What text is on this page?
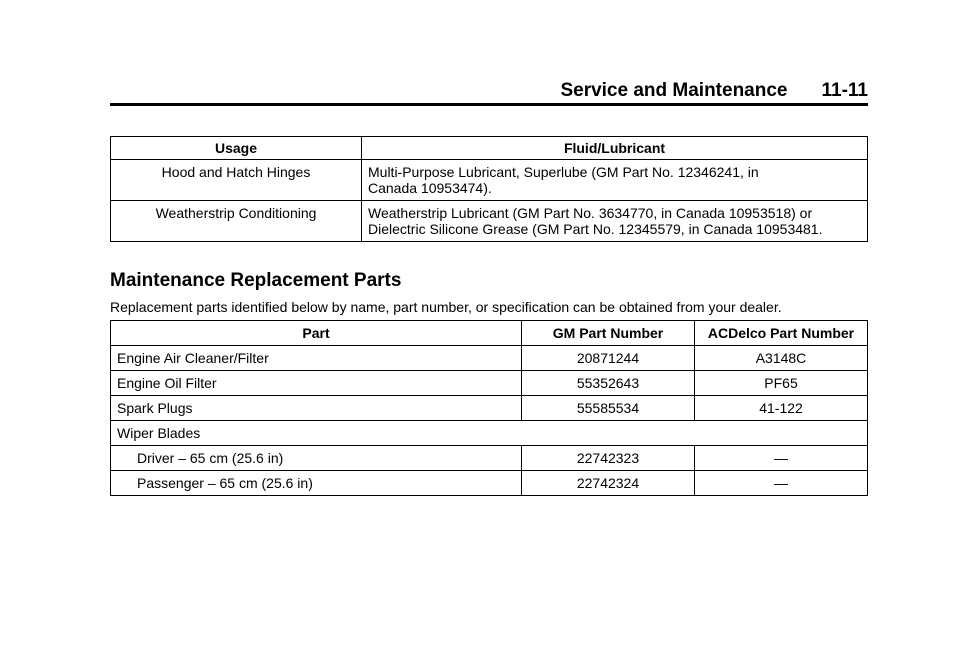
Service and Maintenance 11-11
Usage	Fluid/Lubricant
Hood and Hatch Hinges	Multi-Purpose Lubricant, Superlube (GM Part No. 12346241, in
Canada 10953474).
Weatherstrip Conditioning	Weatherstrip Lubricant (GM Part No. 3634770, in Canada 10953518) or
Dielectric Silicone Grease (GM Part No. 12345579, in Canada 10953481.
Maintenance Replacement Parts

Replacement parts identified below by name, part number, or specification can be obtained from your dealer.

Part	GM Part Number	ACDelco Part Number
Engine Air Cleaner/Filter	20871244	A3148C
Engine Oil Filter	55352643	PF65
Spark Plugs	55585534	41-122
Wiper Blades		
Driver – 65 cm (25.6 in)	22742323	—
Passenger – 65 cm (25.6 in)	22742324	—
